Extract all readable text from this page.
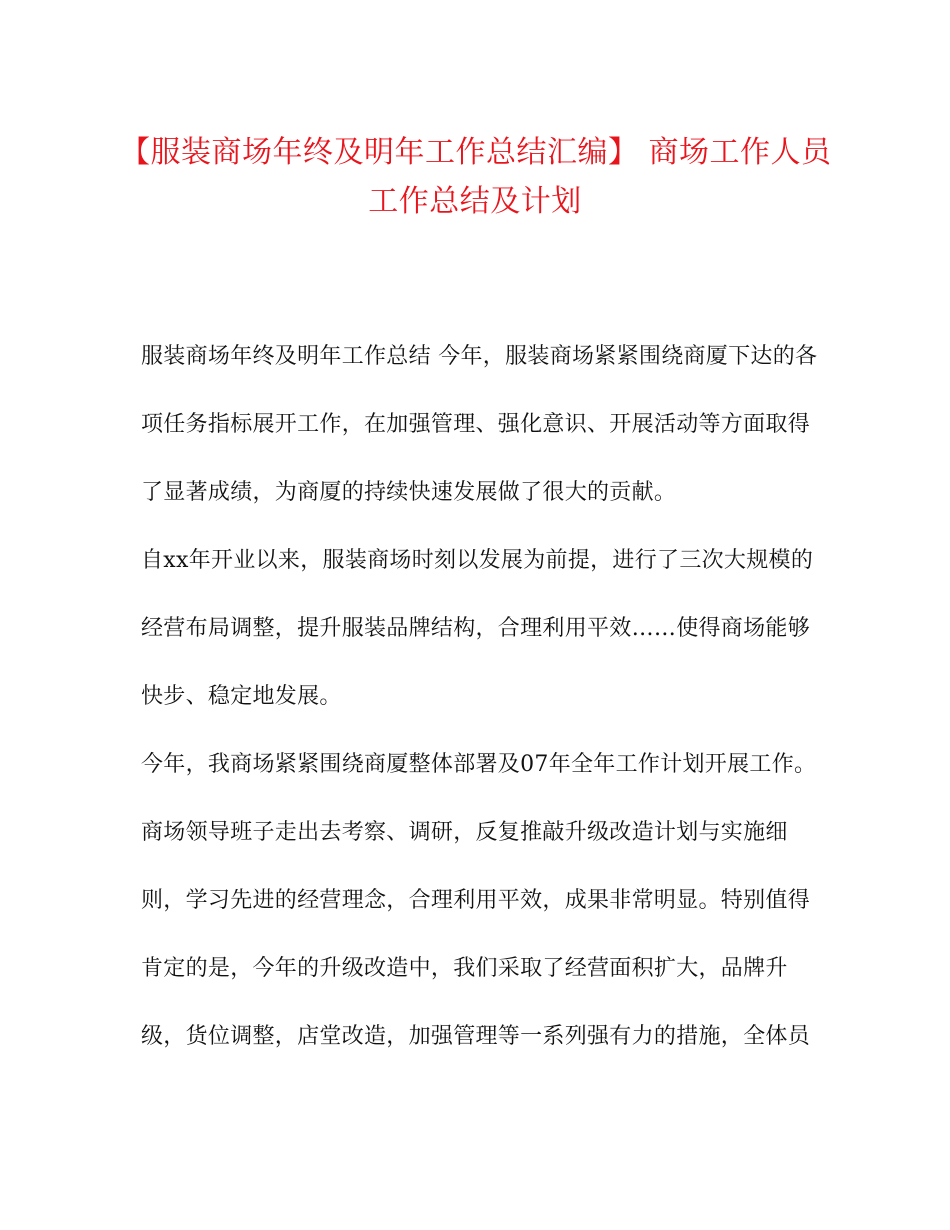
【服装商场年终及明年工作总结汇编】 商场工作人员
工作总结及计划
服装商场年终及明年工作总结 今年，服装商场紧紧围绕商厦下达的各
项任务指标展开工作，在加强管理、强化意识、开展活动等方面取得
了显著成绩，为商厦的持续快速发展做了很大的贡献。
自xx年开业以来，服装商场时刻以发展为前提，进行了三次大规模的
经营布局调整，提升服装品牌结构，合理利用平效……使得商场能够
快步、稳定地发展。
今年，我商场紧紧围绕商厦整体部署及07年全年工作计划开展工作。
商场领导班子走出去考察、调研，反复推敲升级改造计划与实施细
则，学习先进的经营理念，合理利用平效，成果非常明显。特别值得
肯定的是，今年的升级改造中，我们采取了经营面积扩大，品牌升
级，货位调整，店堂改造，加强管理等一系列强有力的措施，全体员
